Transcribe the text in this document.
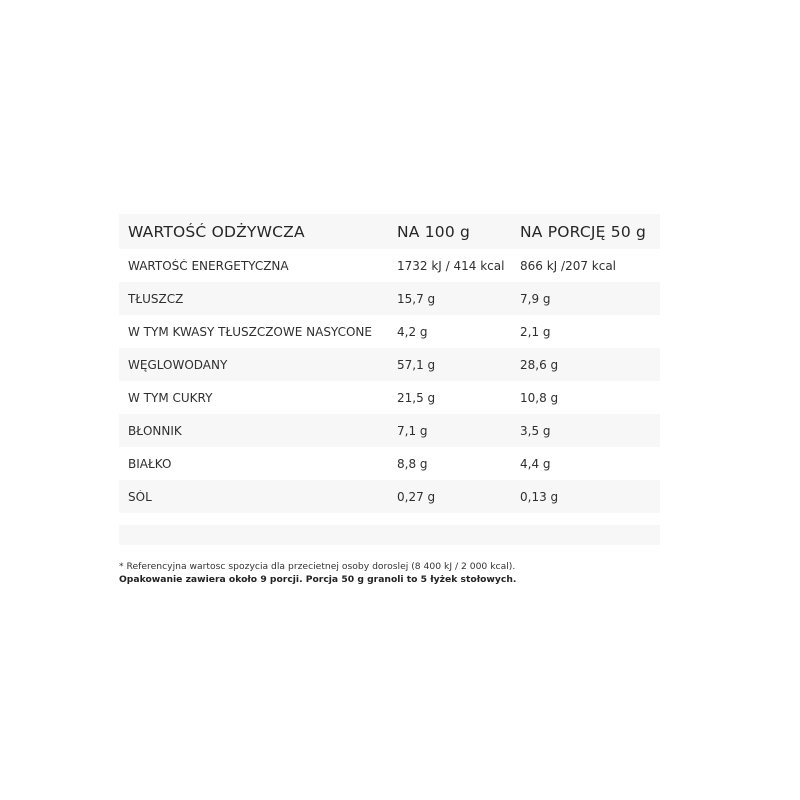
WARTOŚĆ ODŻYWCZA	NA 100 g	NA PORCJĘ 50 g
WARTOŚĆ ENERGETYCZNA	1732 kJ / 414 kcal	866 kJ /207 kcal
TŁUSZCZ	15,7 g	7,9 g
W TYM KWASY TŁUSZCZOWE NASYCONE	4,2 g	2,1 g
WĘGLOWODANY	57,1 g	28,6 g
W TYM CUKRY	21,5 g	10,8 g
BŁONNIK	7,1 g	3,5 g
BIAŁKO	8,8 g	4,4 g
SÓL	0,27 g	0,13 g
* Referencyjna wartosc spozycia dla przecietnej osoby doroslej (8 400 kJ / 2 000 kcal).
Opakowanie zawiera około 9 porcji. Porcja 50 g granoli to 5 łyżek stołowych.
